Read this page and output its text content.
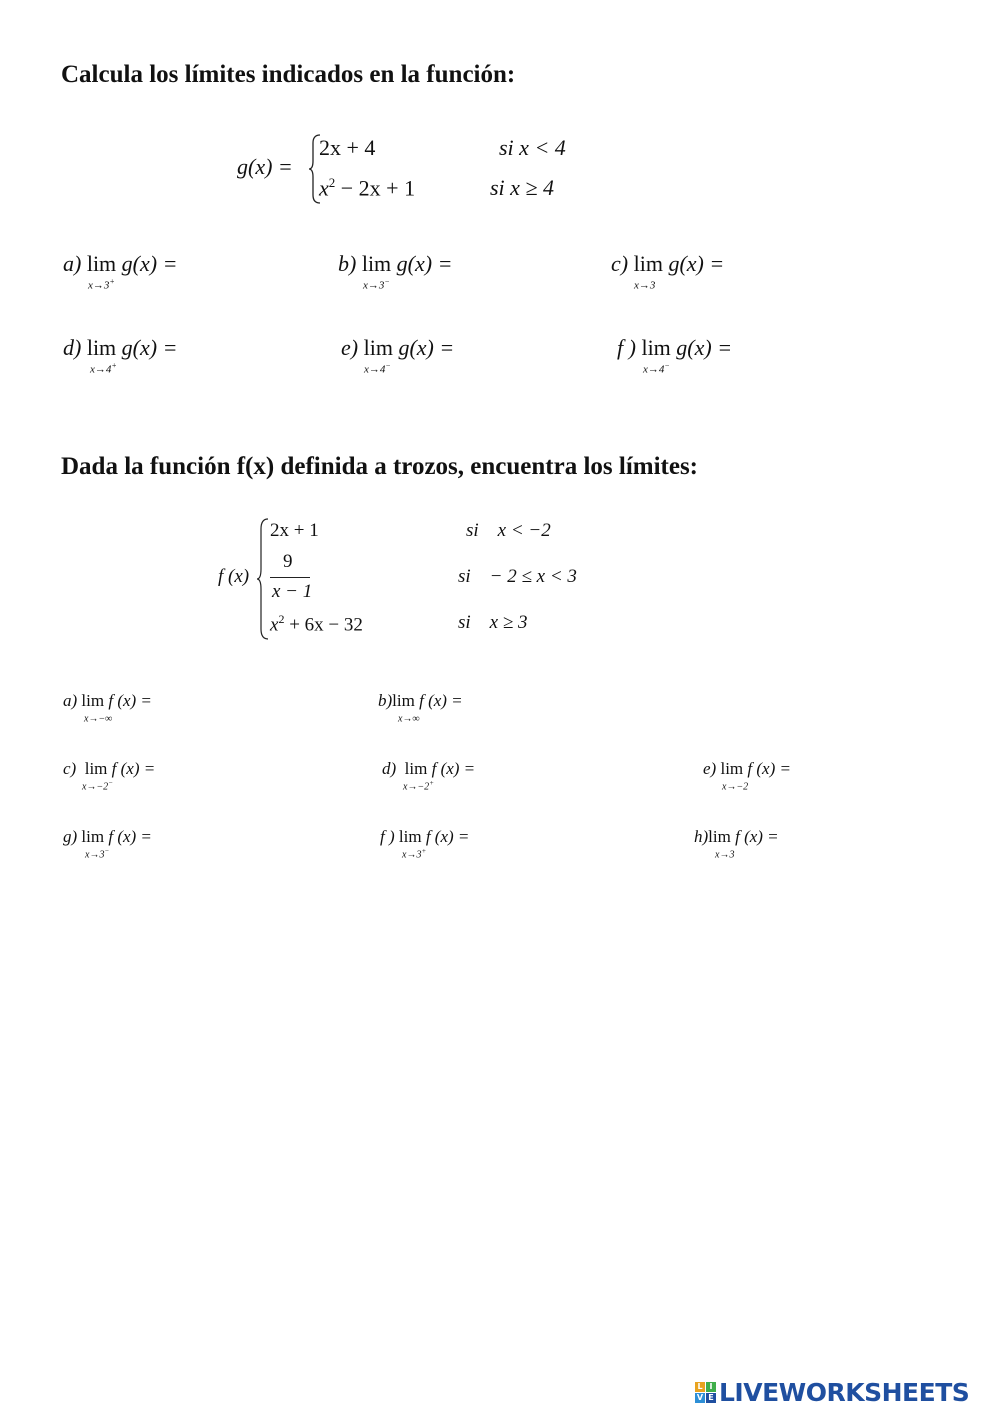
Calcula los límites indicados en la función:
g(x) =
2x + 4	si x < 4
$x^2 - 2x + 1$	si x ≥ 4
a)
lim
g(x) =
x→3+
b)
lim
g(x) =
x→3−
c)
lim
g(x) =
x→3
d)
lim
g(x) =
x→4+
e)
lim
g(x) =
x→4−
f )
lim
g(x) =
x→4−
Dada la función f(x) definida a trozos, encuentra los límites:
f (x)
2x + 1	si    x < −2
9
x − 1
si    − 2 ≤ x < 3
$x^2 + 6x - 32$	si    x ≥ 3
a)
lim
f (x) =
x→−∞
b) lim
f (x) =
x→∞
c)
lim
f (x) =
x→−2−
d)
lim
f (x) =
x→−2+
e)
lim
f (x) =
x→−2
g)
lim
f (x) =
x→3−
f )
lim
f (x) =
x→3+
h) lim
f (x) =
x→3
L I
V E LIVEWORKSHEETS
